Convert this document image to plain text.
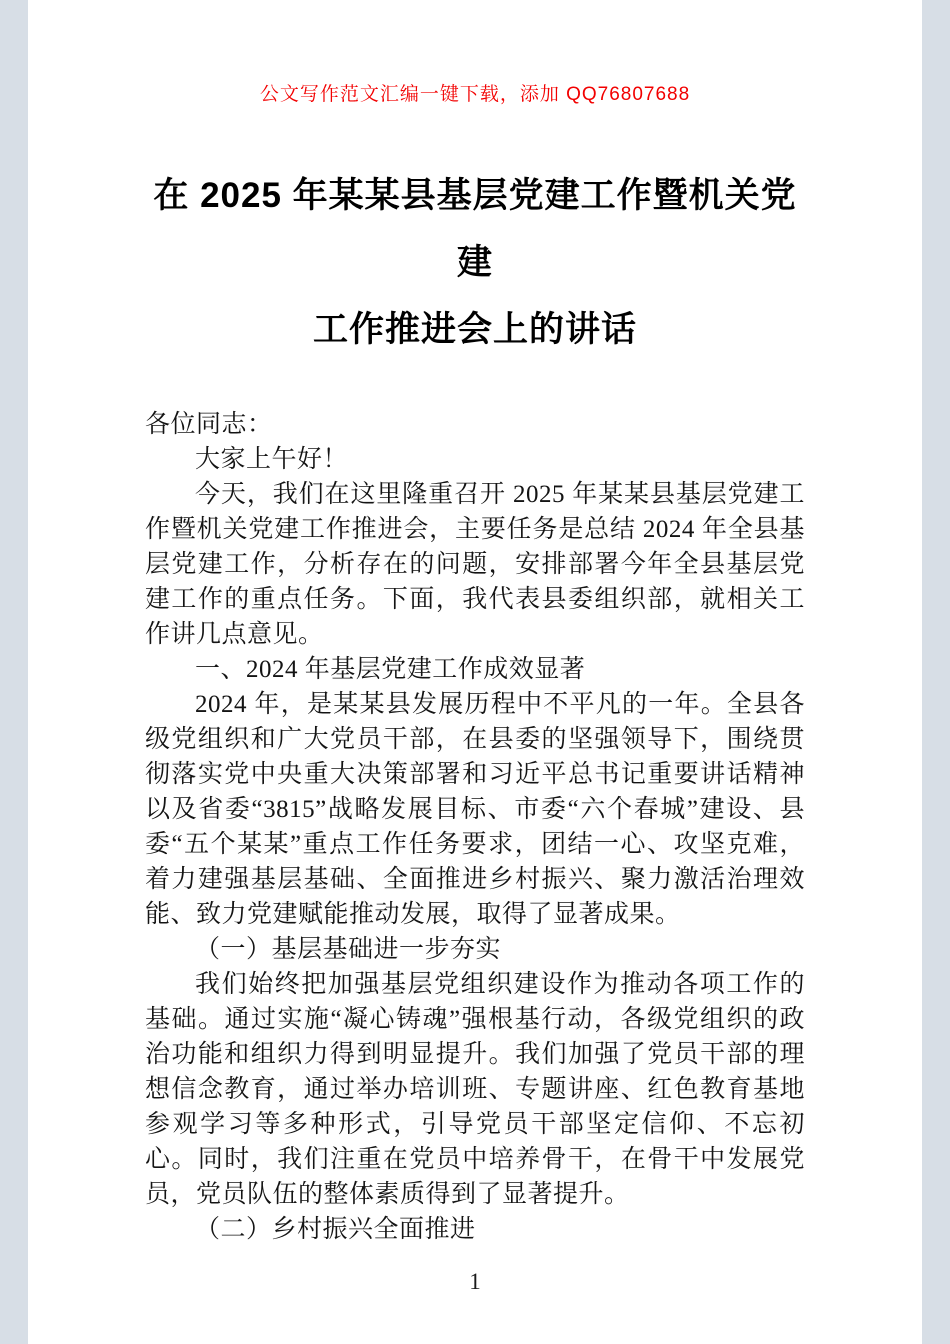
公文写作范文汇编一键下载，添加 QQ76807688
在 2025 年某某县基层党建工作暨机关党建
工作推进会上的讲话

各位同志：

大家上午好！

今天，我们在这里隆重召开 2025 年某某县基层党建工作暨机关党建工作推进会，主要任务是总结 2024 年全县基层党建工作，分析存在的问题，安排部署今年全县基层党建工作的重点任务。下面，我代表县委组织部，就相关工作讲几点意见。

一、2024 年基层党建工作成效显著

2024 年，是某某县发展历程中不平凡的一年。全县各级党组织和广大党员干部，在县委的坚强领导下，围绕贯彻落实党中央重大决策部署和习近平总书记重要讲话精神以及省委“3815”战略发展目标、市委“六个春城”建设、县委“五个某某”重点工作任务要求，团结一心、攻坚克难，着力建强基层基础、全面推进乡村振兴、聚力激活治理效能、致力党建赋能推动发展，取得了显著成果。

（一）基层基础进一步夯实

我们始终把加强基层党组织建设作为推动各项工作的基础。通过实施“凝心铸魂”强根基行动，各级党组织的政治功能和组织力得到明显提升。我们加强了党员干部的理想信念教育，通过举办培训班、专题讲座、红色教育基地参观学习等多种形式，引导党员干部坚定信仰、不忘初心。同时，我们注重在党员中培养骨干，在骨干中发展党员，党员队伍的整体素质得到了显著提升。

（二）乡村振兴全面推进

1
